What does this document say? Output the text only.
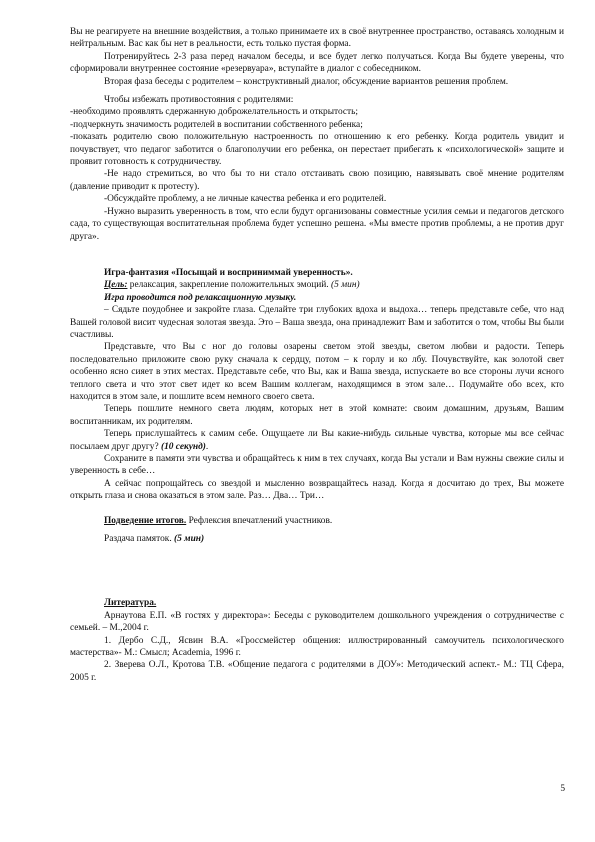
Вы не реагируете на внешние воздействия, а только принимаете их в своё внутреннее пространство, оставаясь холодным и нейтральным. Вас как бы нет в реальности, есть только пустая форма.

Потренируйтесь 2-3 раза перед началом беседы, и все будет легко получаться. Когда Вы будете уверены, что сформировали внутреннее состояние «резервуара», вступайте в диалог с собеседником.

Вторая фаза беседы с родителем – конструктивный диалог, обсуждение вариантов решения проблем.

Чтобы избежать противостояния с родителями:

-необходимо проявлять сдержанную доброжелательность и открытость;

-подчеркнуть значимость родителей в воспитании собственного ребенка;

-показать родителю свою положительную настроенность по отношению к его ребенку. Когда родитель увидит и почувствует, что педагог заботится о благополучии его ребенка, он перестает прибегать к «психологической» защите и проявит готовность к сотрудничеству.

-Не надо стремиться, во что бы то ни стало отстаивать свою позицию, навязывать своё мнение родителям (давление приводит к протесту).

-Обсуждайте проблему, а не личные качества ребенка и его родителей.

-Нужно выразить уверенность в том, что если будут организованы совместные усилия семьи и педагогов детского сада, то существующая воспитательная проблема будет успешно решена. «Мы вместе против проблемы, а не против друг друга».

Игра-фантазия «Посыщай и восприниммай уверенность».

Цель: релаксация, закрепление положительных эмоций. (5 мин)

Игра проводится под релаксационную музыку.

– Сядьте поудобнее и закройте глаза. Сделайте три глубоких вдоха и выдоха… теперь представьте себе, что над Вашей головой висит чудесная золотая звезда. Это – Ваша звезда, она принадлежит Вам и заботится о том, чтобы Вы были счастливы.

Представьте, что Вы с ног до головы озарены светом этой звезды, светом любви и радости. Теперь последовательно приложите свою руку сначала к сердцу, потом – к горлу и ко лбу. Почувствуйте, как золотой свет особенно ясно сияет в этих местах. Представьте себе, что Вы, как и Ваша звезда, испускаете во все стороны лучи ясного теплого света и что этот свет идет ко всем Вашим коллегам, находящимся в этом зале… Подумайте обо всех, кто находится в этом зале, и пошлите всем немного своего света.

Теперь пошлите немного света людям, которых нет в этой комнате: своим домашним, друзьям, Вашим воспитанникам, их родителям.

Теперь прислушайтесь к самим себе. Ощущаете ли Вы какие-нибудь сильные чувства, которые мы все сейчас посылаем друг другу? (10 секунд).

Сохраните в памяти эти чувства и обращайтесь к ним в тех случаях, когда Вы устали и Вам нужны свежие силы и уверенность в себе…

А сейчас попрощайтесь со звездой и мысленно возвращайтесь назад. Когда я досчитаю до трех, Вы можете открыть глаза и снова оказаться в этом зале. Раз… Два… Три…

Подведение итогов. Рефлексия впечатлений участников.

Раздача памяток. (5 мин)

Литература.

Арнаутова Е.П. «В гостях у директора»: Беседы с руководителем дошкольного учреждения о сотрудничестве с семьей. – М.,2004 г.

1. Дербо С.Д., Ясвин В.А. «Гроссмейстер общения: иллюстрированный самоучитель психологического мастерства»- М.: Смысл; Academia, 1996 г.

2. Зверева О.Л., Кротова Т.В. «Общение педагога с родителями в ДОУ»: Методический аспект.- М.: ТЦ Сфера, 2005 г.

5
